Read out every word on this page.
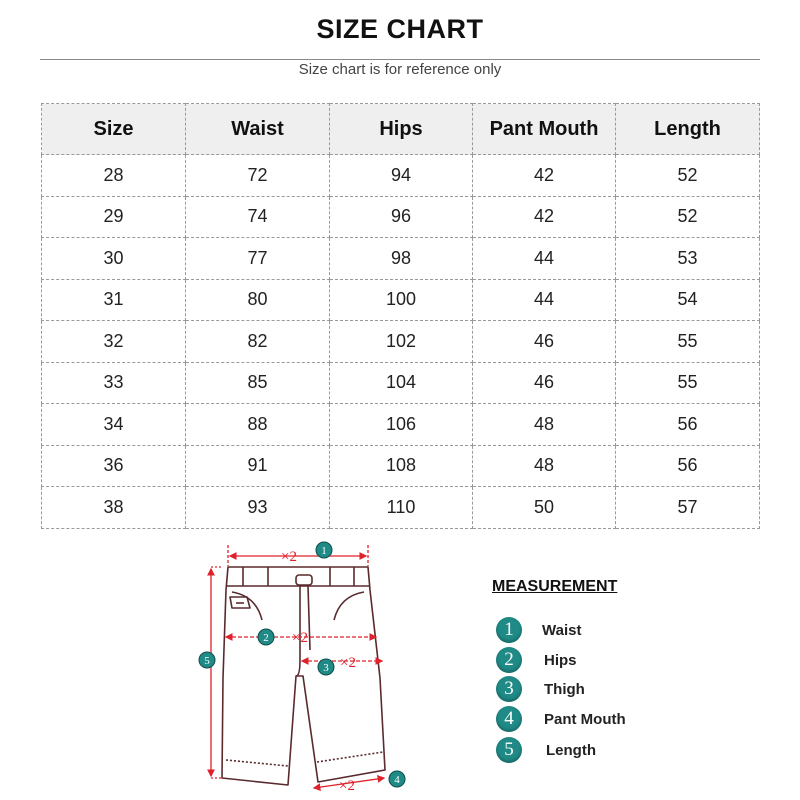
SIZE CHART
Size chart is for reference only
Size	Waist	Hips	Pant Mouth	Length
28	72	94	42	52
29	74	96	42	52
30	77	98	44	53
31	80	100	44	54
32	82	102	46	55
33	85	104	46	55
34	88	106	48	56
36	91	108	48	56
38	93	110	50	57
×2
×2
×2
×2
1
2
3
4
5
MEASUREMENT
1	Waist
2	Hips
3	Thigh
4	Pant Mouth
5	Length
